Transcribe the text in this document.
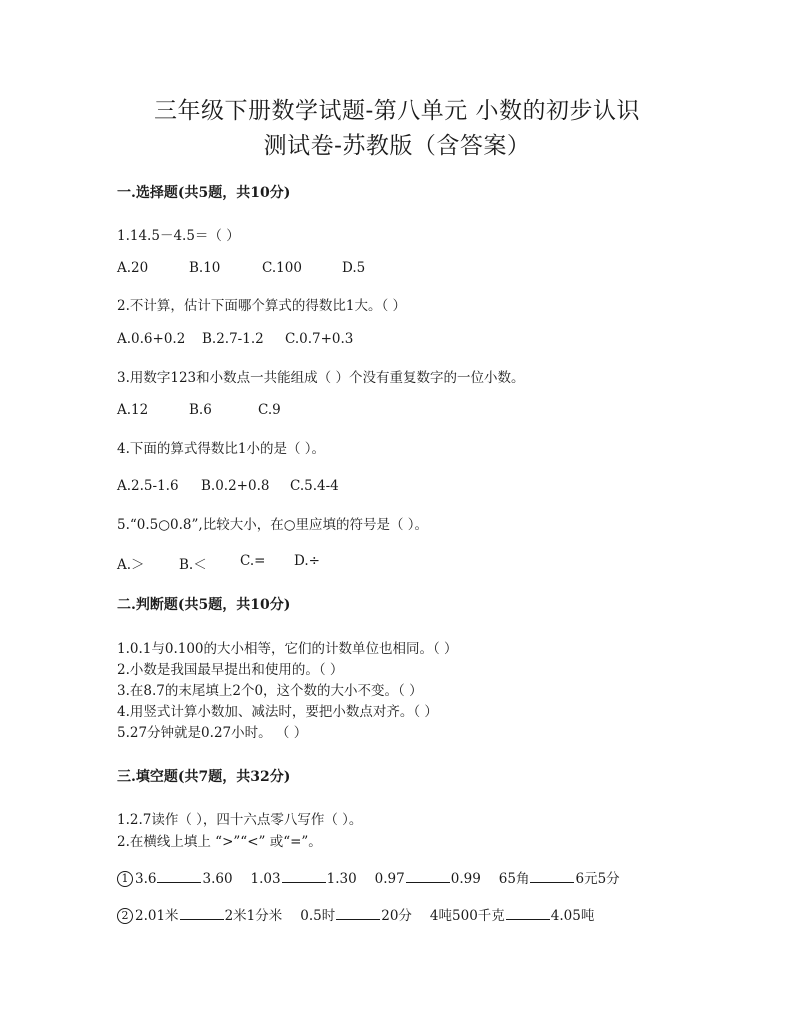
三年级下册数学试题-第八单元 小数的初步认识
测试卷-苏教版（含答案）
一.选择题(共5题，共10分)
1.14.5－4.5＝（ ）
A.20	B.10	C.100	D.5
2.不计算，估计下面哪个算式的得数比1大。（ ）
A.0.6+0.2	B.2.7-1.2	C.0.7+0.3
3.用数字123和小数点一共能组成（ ）个没有重复数字的一位小数。
A.12	B.6	C.9
4.下面的算式得数比1小的是（ ）。
A.2.5-1.6	B.0.2+0.8	C.5.4-4
5.“0.5○0.8”,比较大小，在○里应填的符号是（ ）。
A.＞	B.＜	C.=	D.÷
二.判断题(共5题，共10分)
1.0.1与0.100的大小相等，它们的计数单位也相同。（ ）
2.小数是我国最早提出和使用的。（ ）
3.在8.7的末尾填上2个0，这个数的大小不变。（ ）
4.用竖式计算小数加、减法时，要把小数点对齐。（ ）
5.27分钟就是0.27小时。 （ ）
三.填空题(共7题，共32分)
1.2.7读作（ ），四十六点零八写作（ ）。
2.在横线上填上 “>”“<” 或“=”。
1 3.6	3.60 1.03	1.30 0.97	0.99 65角	6元5分
2 2.01米	2米1分米 0.5时	20分 4吨500千克	4.05吨
